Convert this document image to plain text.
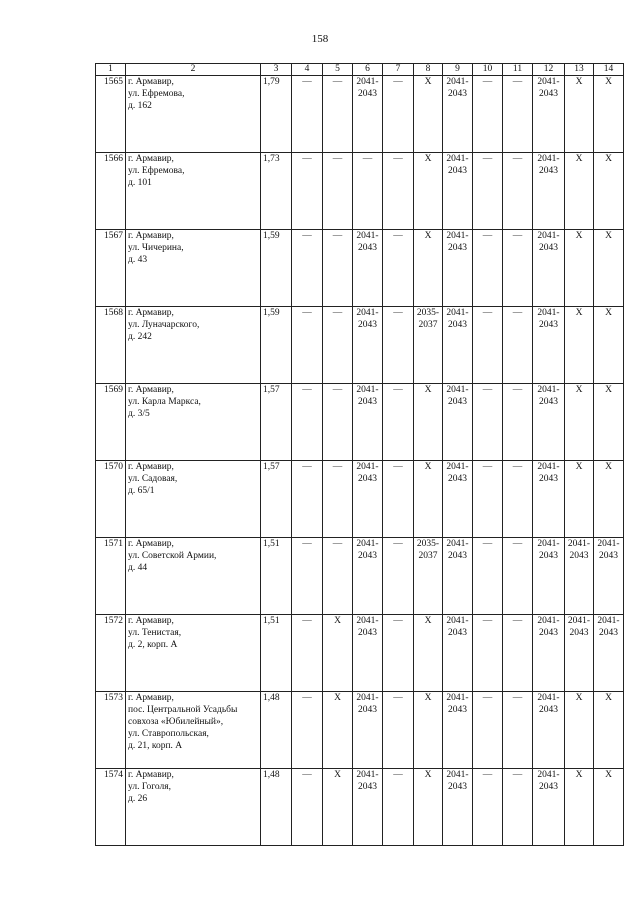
158
1	2	3	4	5	6	7	8	9	10	11	12	13	14
1565	г. Армавир,
ул. Ефремова,
д. 162	1,79	—	—	2041-
2043	—	Х	2041-
2043	—	—	2041-
2043	Х	Х
1566	г. Армавир,
ул. Ефремова,
д. 101	1,73	—	—	—	—	Х	2041-
2043	—	—	2041-
2043	Х	Х
1567	г. Армавир,
ул. Чичерина,
д. 43	1,59	—	—	2041-
2043	—	Х	2041-
2043	—	—	2041-
2043	Х	Х
1568	г. Армавир,
ул. Луначарского,
д. 242	1,59	—	—	2041-
2043	—	2035-
2037	2041-
2043	—	—	2041-
2043	Х	Х
1569	г. Армавир,
ул. Карла Маркса,
д. 3/5	1,57	—	—	2041-
2043	—	Х	2041-
2043	—	—	2041-
2043	Х	Х
1570	г. Армавир,
ул. Садовая,
д. 65/1	1,57	—	—	2041-
2043	—	Х	2041-
2043	—	—	2041-
2043	Х	Х
1571	г. Армавир,
ул. Советской Армии,
д. 44	1,51	—	—	2041-
2043	—	2035-
2037	2041-
2043	—	—	2041-
2043	2041-
2043	2041-
2043
1572	г. Армавир,
ул. Тенистая,
д. 2, корп. А	1,51	—	Х	2041-
2043	—	Х	2041-
2043	—	—	2041-
2043	2041-
2043	2041-
2043
1573	г. Армавир,
пос. Центральной Усадьбы
совхоза «Юбилейный»,
ул. Ставропольская,
д. 21, корп. А	1,48	—	Х	2041-
2043	—	Х	2041-
2043	—	—	2041-
2043	Х	Х
1574	г. Армавир,
ул. Гоголя,
д. 26	1,48	—	Х	2041-
2043	—	Х	2041-
2043	—	—	2041-
2043	Х	Х
